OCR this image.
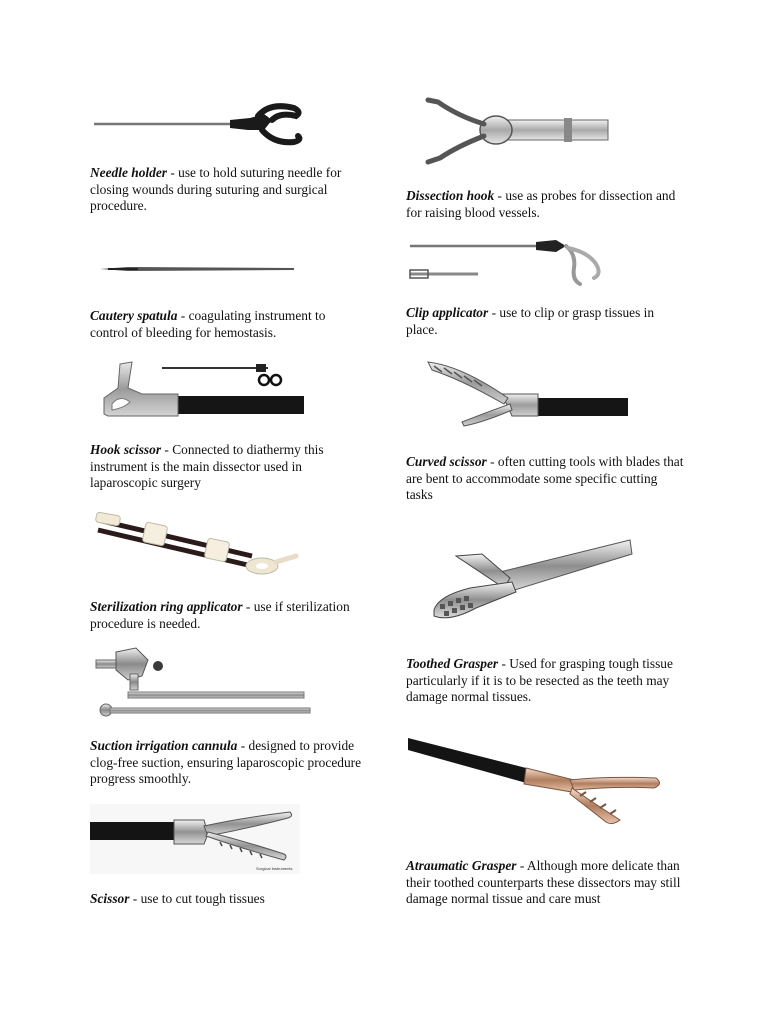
Needle holder - use to hold suturing needle for closing wounds during suturing and surgical procedure.
Dissection hook - use as probes for dissection and for raising blood vessels.
Cautery spatula - coagulating instrument to control of bleeding for hemostasis.
Clip applicator - use to clip or grasp tissues in place.
Hook scissor - Connected to diathermy this instrument is the main dissector used in laparoscopic surgery
Curved scissor - often cutting tools with blades that are bent to accommodate some specific cutting tasks
Sterilization ring applicator - use if sterilization procedure is needed.
Toothed Grasper - Used for grasping tough tissue particularly if it is to be resected as the teeth may damage normal tissues.
Suction irrigation cannula - designed to provide clog-free suction, ensuring laparoscopic procedure progress smoothly.
Atraumatic Grasper - Although more delicate than their toothed counterparts these dissectors may still damage normal tissue and care must
Surgical Instruments
Scissor - use to cut tough tissues
